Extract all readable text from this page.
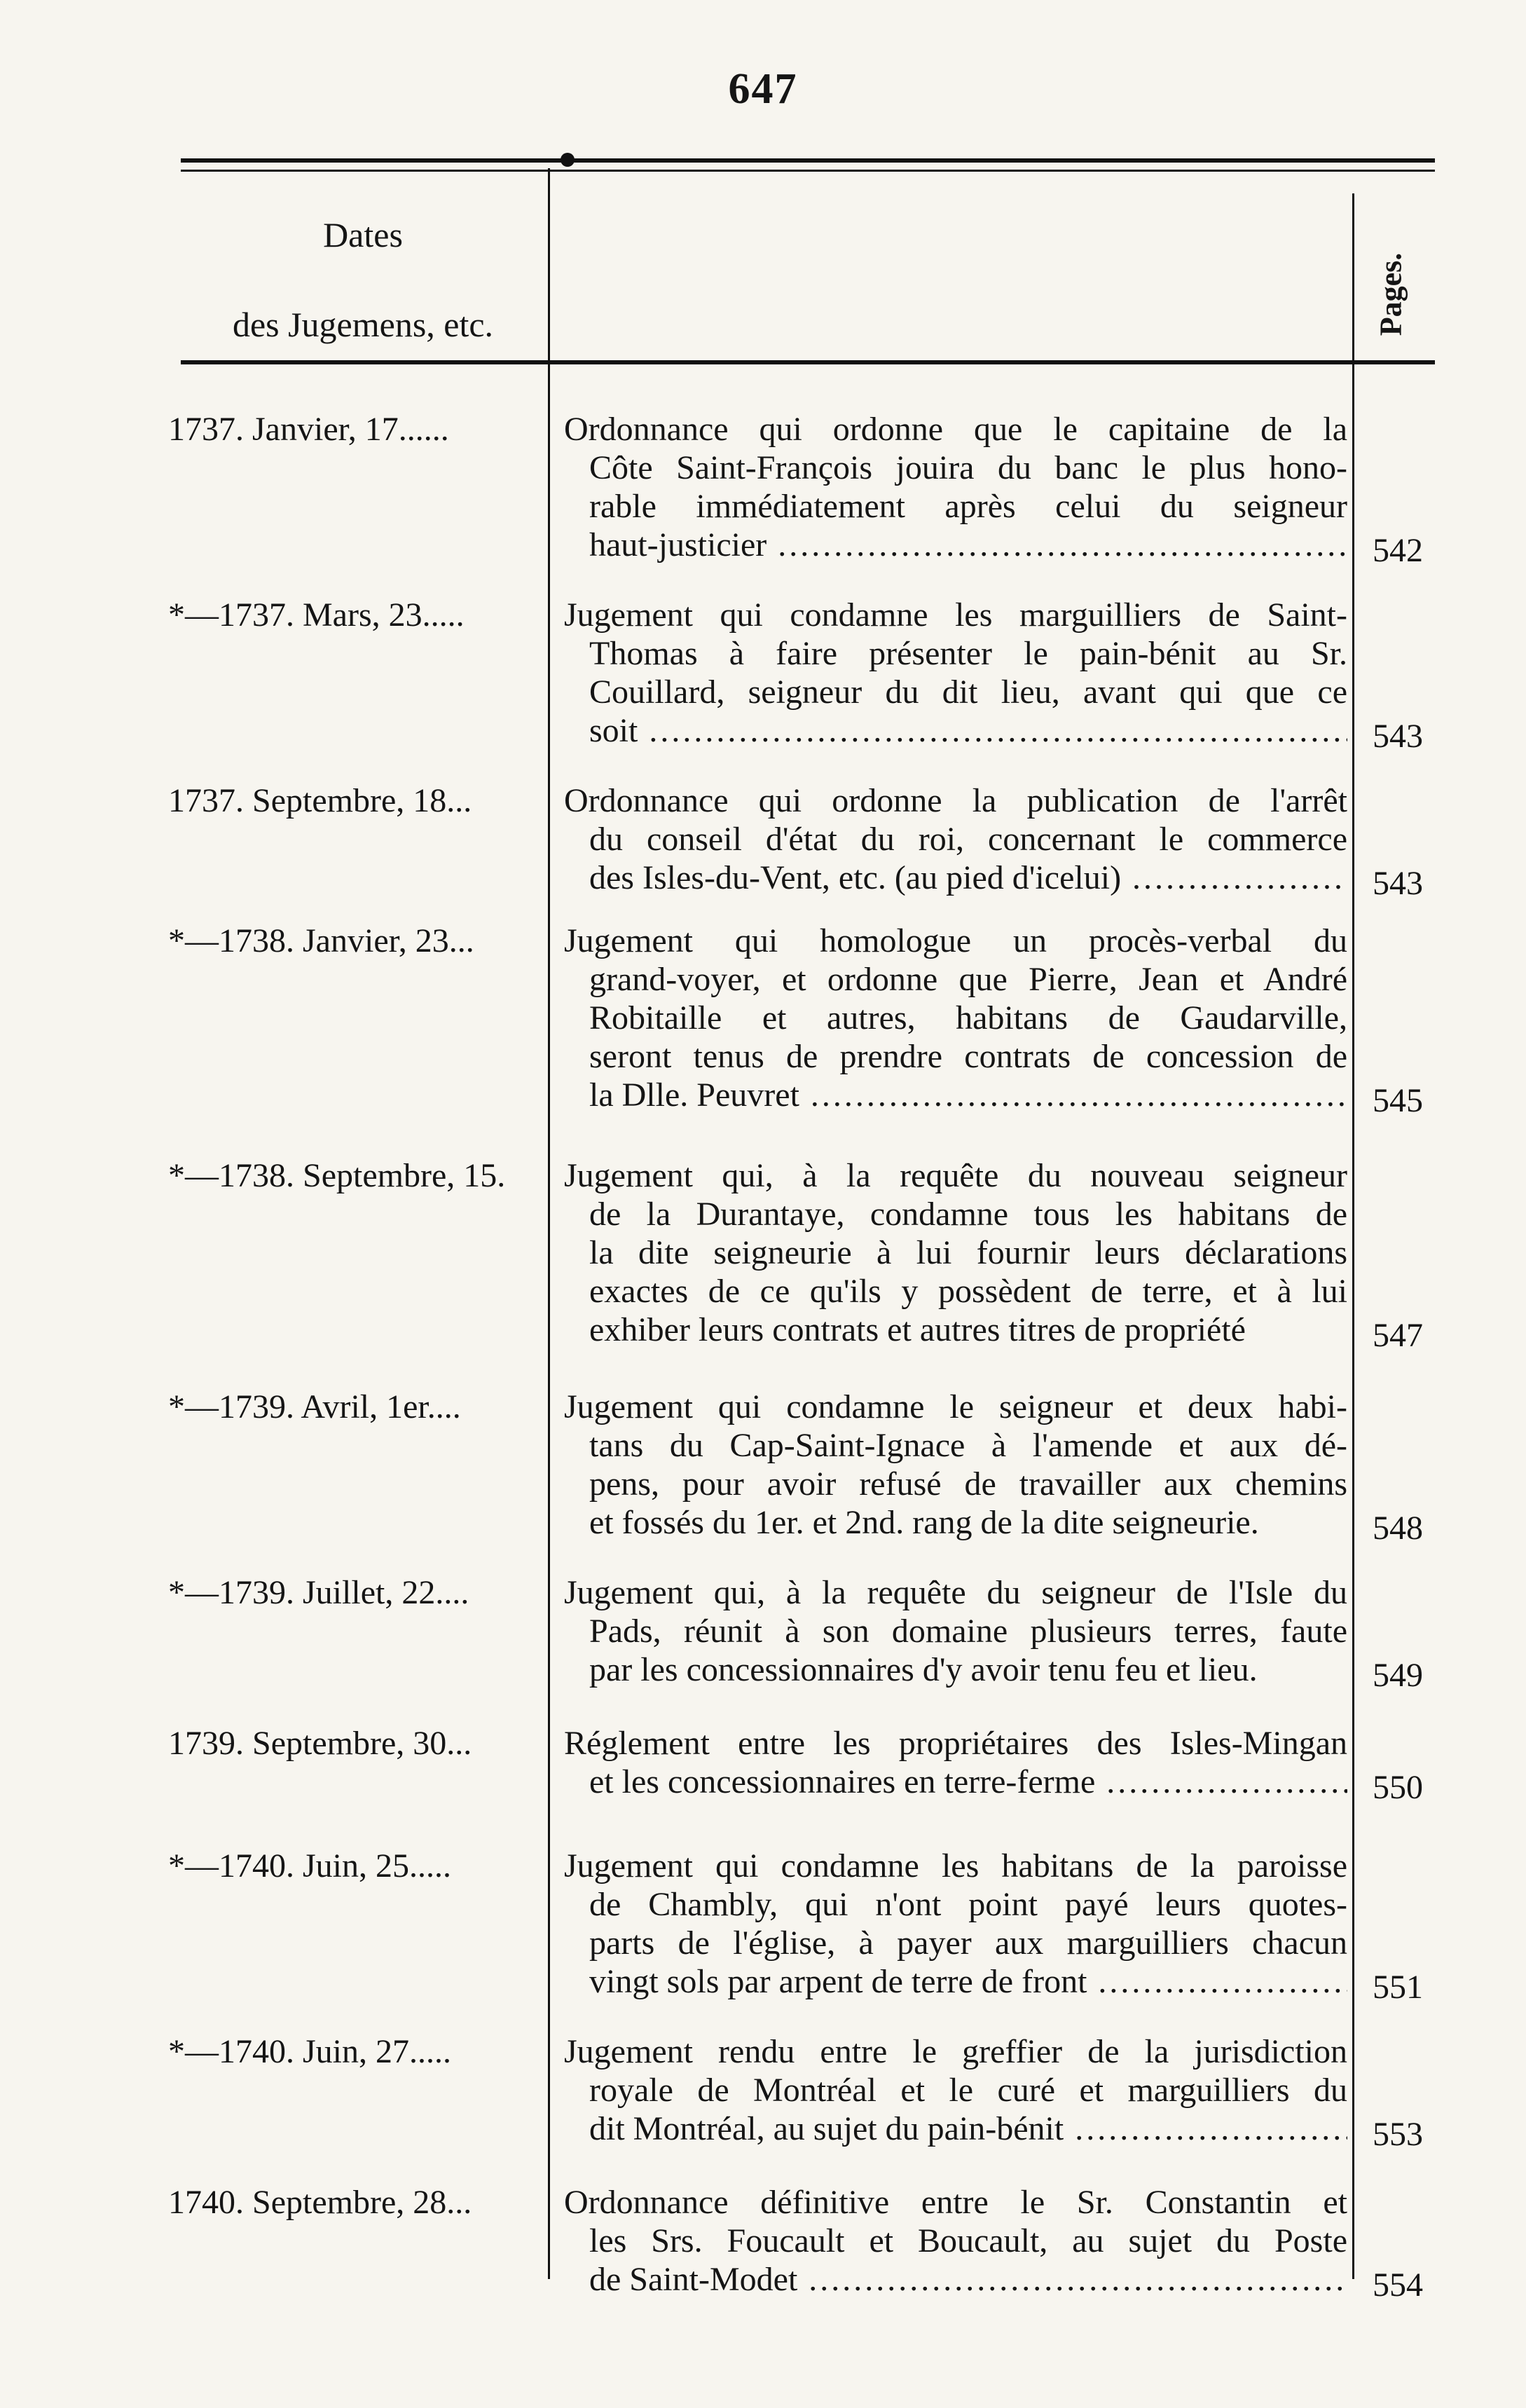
647
Dates
des Jugemens, etc.	Pages.
1737. Janvier, 17......	Ordonnance qui ordonne que le capitaine de la
Côte Saint-François jouira du banc le plus hono-
rable immédiatement après celui du seigneur
haut-justicier .....	542
*—1737. Mars, 23.....	Jugement qui condamne les marguilliers de Saint-
Thomas à faire présenter le pain-bénit au Sr.
Couillard, seigneur du dit lieu, avant qui que ce
soit .....	543
1737. Septembre, 18...	Ordonnance qui ordonne la publication de l'arrêt
du conseil d'état du roi, concernant le commerce
des Isles-du-Vent, etc. (au pied d'icelui) .....	543
*—1738. Janvier, 23...	Jugement qui homologue un procès-verbal du
grand-voyer, et ordonne que Pierre, Jean et André
Robitaille et autres, habitans de Gaudarville,
seront tenus de prendre contrats de concession de
la Dlle. Peuvret .....	545
*—1738. Septembre, 15.	Jugement qui, à la requête du nouveau seigneur
de la Durantaye, condamne tous les habitans de
la dite seigneurie à lui fournir leurs déclarations
exactes de ce qu'ils y possèdent de terre, et à lui
exhiber leurs contrats et autres titres de propriété	547
*—1739. Avril, 1er....	Jugement qui condamne le seigneur et deux habi-
tans du Cap-Saint-Ignace à l'amende et aux dé-
pens, pour avoir refusé de travailler aux chemins
et fossés du 1er. et 2nd. rang de la dite seigneurie.	548
*—1739. Juillet, 22....	Jugement qui, à la requête du seigneur de l'Isle du
Pads, réunit à son domaine plusieurs terres, faute
par les concessionnaires d'y avoir tenu feu et lieu.	549
1739. Septembre, 30...	Réglement entre les propriétaires des Isles-Mingan
et les concessionnaires en terre-ferme .....	550
*—1740. Juin, 25.....	Jugement qui condamne les habitans de la paroisse
de Chambly, qui n'ont point payé leurs quotes-
parts de l'église, à payer aux marguilliers chacun
vingt sols par arpent de terre de front .....	551
*—1740. Juin, 27.....	Jugement rendu entre le greffier de la jurisdiction
royale de Montréal et le curé et marguilliers du
dit Montréal, au sujet du pain-bénit .....	553
1740. Septembre, 28...	Ordonnance définitive entre le Sr. Constantin et
les Srs. Foucault et Boucault, au sujet du Poste
de Saint-Modet .....	554
